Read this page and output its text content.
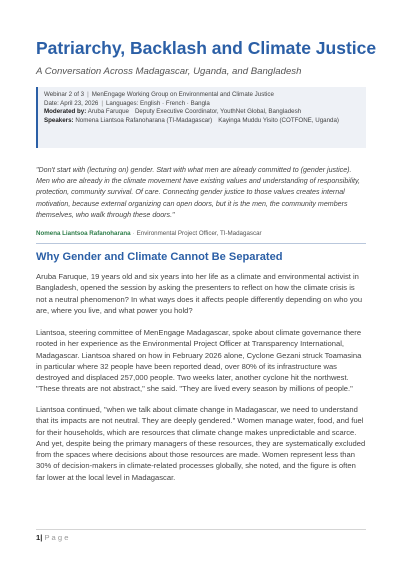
Patriarchy, Backlash and Climate Justice
A Conversation Across Madagascar, Uganda, and Bangladesh
Webinar 2 of 3 | MenEngage Working Group on Environmental and Climate Justice
Date: April 23, 2026 | Languages: English · French · Bangla
Moderated by: Aruba Faruque Deputy Executive Coordinator, YouthNet Global, Bangladesh
Speakers: Nomena Liantsoa Rafanoharana (TI-Madagascar) Kayinga Muddu Yisito (COTFONE, Uganda)
"Don't start with (lecturing on) gender. Start with what men are already committed to (gender justice). Men who are already in the climate movement have existing values and understanding of responsibility, protection, community survival. Of care. Connecting gender justice to those values creates internal motivation, because external organizing can open doors, but it is the men, the community members themselves, who walk through these doors."
Nomena Liantsoa Rafanoharana · Environmental Project Officer, TI-Madagascar
Why Gender and Climate Cannot Be Separated
Aruba Faruque, 19 years old and six years into her life as a climate and environmental activist in Bangladesh, opened the session by asking the presenters to reflect on how the climate crisis is not a neutral phenomenon? In what ways does it affects people differently depending on who you are, where you live, and what power you hold?
Liantsoa, steering committee of MenEngage Madagascar, spoke about climate governance there rooted in her experience as the Environmental Project Officer at Transparency International, Madagascar. Liantsoa shared on how in February 2026 alone, Cyclone Gezani struck Toamasina in particular where 32 people have been reported dead, over 80% of its infrastructure was destroyed and displaced 257,000 people. Two weeks later, another cyclone hit the northwest. "These threats are not abstract," she said. "They are lived every season by millions of people."
Liantsoa continued, "when we talk about climate change in Madagascar, we need to understand that its impacts are not neutral. They are deeply gendered." Women manage water, food, and fuel for their households, which are resources that climate change makes unpredictable and scarce. And yet, despite being the primary managers of these resources, they are systematically excluded from the spaces where decisions about those resources are made. Women represent less than 30% of decision-makers in climate-related processes globally, she noted, and the figure is often far lower at the local level in Madagascar.
1| P a g e
